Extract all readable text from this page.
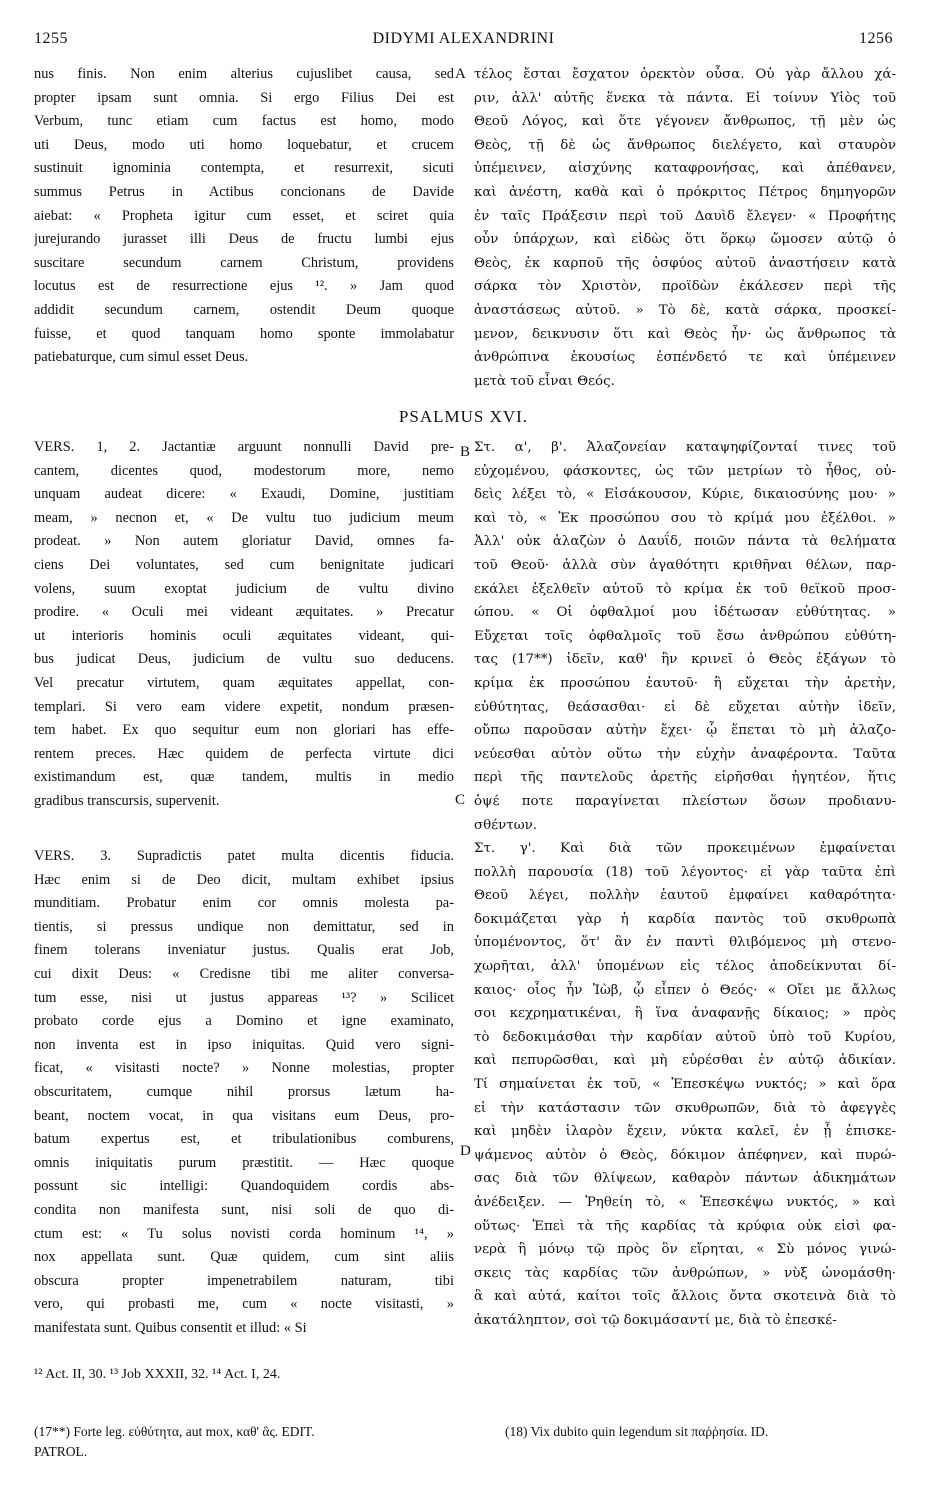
1255	DIDYMI ALEXANDRINI	1256
nus finis. Non enim alterius cujuslibet causa, sed
propter ipsam sunt omnia. Si ergo Filius Dei est
Verbum, tunc etiam cum factus est homo, modo
uti Deus, modo uti homo loquebatur, et crucem
sustinuit ignominia contempta, et resurrexit, sicuti
summus Petrus in Actibus concionans de Davide
aiebat: « Propheta igitur cum esset, et sciret quia
jurejurando jurasset illi Deus de fructu lumbi ejus
suscitare secundum carnem Christum, providens
locutus est de resurrectione ejus ¹². » Jam quod
addidit secundum carnem, ostendit Deum quoque
fuisse, et quod tanquam homo sponte immolabatur
patiebaturque, cum simul esset Deus.
τέλος ἔσται ἔσχατον ὀρεκτὸν οὖσα. Οὐ γὰρ ἄλλου χά-
ριν, ἀλλ' αὐτῆς ἕνεκα τὰ πάντα. Εἰ τοίνυν Υἱὸς τοῦ
Θεοῦ Λόγος, καὶ ὅτε γέγονεν ἄνθρωπος, τῇ μὲν ὡς
Θεὸς, τῇ δὲ ὡς ἄνθρωπος διελέγετο, καὶ σταυρὸν
ὑπέμεινεν, αἰσχύνης καταφρονήσας, καὶ ἀπέθανεν,
καὶ ἀνέστη, καθὰ καὶ ὁ πρόκριτος Πέτρος δημηγορῶν
ἐν ταῖς Πράξεσιν περὶ τοῦ Δαυὶδ ἔλεγεν· « Προφήτης
οὖν ὑπάρχων, καὶ εἰδὼς ὅτι ὅρκῳ ὤμοσεν αὐτῷ ὁ
Θεὸς, ἐκ καρποῦ τῆς ὀσφύος αὐτοῦ ἀναστήσειν κατὰ
σάρκα τὸν Χριστὸν, προϊδὼν ἐκάλεσεν περὶ τῆς
ἀναστάσεως αὐτοῦ. » Τὸ δὲ, κατὰ σάρκα, προσκεί-
μενον, δεικνυσιν ὅτι καὶ Θεὸς ἦν· ὡς ἄνθρωπος τὰ
ἀνθρώπινα ἑκουσίως ἐσπένδετό τε καὶ ὑπέμεινεν
μετὰ τοῦ εἶναι Θεός.
A
PSALMUS XVI.
B
C
D
VERS. 1, 2. Jactantiæ arguunt nonnulli David pre-
cantem, dicentes quod, modestorum more, nemo
unquam audeat dicere: « Exaudi, Domine, justitiam
meam, » necnon et, « De vultu tuo judicium meum
prodeat. » Non autem gloriatur David, omnes fa-
ciens Dei voluntates, sed cum benignitate judicari
volens, suum exoptat judicium de vultu divino
prodire. « Oculi mei videant æquitates. » Precatur
ut interioris hominis oculi æquitates videant, qui-
bus judicat Deus, judicium de vultu suo deducens.
Vel precatur virtutem, quam æquitates appellat, con-
templari. Si vero eam videre expetit, nondum præsen-
tem habet. Ex quo sequitur eum non gloriari has effe-
rentem preces. Hæc quidem de perfecta virtute dici
existimandum est, quæ tandem, multis in medio
gradibus transcursis, supervenit.
VERS. 3. Supradictis patet multa dicentis fiducia.
Hæc enim si de Deo dicit, multam exhibet ipsius
munditiam. Probatur enim cor omnis molesta pa-
tientis, si pressus undique non demittatur, sed in
finem tolerans inveniatur justus. Qualis erat Job,
cui dixit Deus: « Credisne tibi me aliter conversa-
tum esse, nisi ut justus appareas ¹³? » Scilicet
probato corde ejus a Domino et igne examinato,
non inventa est in ipso iniquitas. Quid vero signi-
ficat, « visitasti nocte? » Nonne molestias, propter
obscuritatem, cumque nihil prorsus lætum ha-
beant, noctem vocat, in qua visitans eum Deus, pro-
batum expertus est, et tribulationibus comburens,
omnis iniquitatis purum præstitit. — Hæc quoque
possunt sic intelligi: Quandoquidem cordis abs-
condita non manifesta sunt, nisi soli de quo di-
ctum est: « Tu solus novisti corda hominum ¹⁴, »
nox appellata sunt. Quæ quidem, cum sint aliis
obscura propter impenetrabilem naturam, tibi
vero, qui probasti me, cum « nocte visitasti, »
manifestata sunt. Quibus consentit et illud: « Si
Στ. α', β'. Ἀλαζονείαν καταψηφίζονταί τινες τοῦ
εὐχομένου, φάσκοντες, ὡς τῶν μετρίων τὸ ἦθος, οὐ-
δεὶς λέξει τὸ, « Εἰσάκουσον, Κύριε, δικαιοσύνης μου· »
καὶ τὸ, « Ἐκ προσώπου σου τὸ κρίμά μου ἐξέλθοι. »
Ἀλλ' οὐκ ἀλαζὼν ὁ Δαυΐδ, ποιῶν πάντα τὰ θελήματα
τοῦ Θεοῦ· ἀλλὰ σὺν ἀγαθότητι κριθῆναι θέλων, παρ-
εκάλει ἐξελθεῖν αὐτοῦ τὸ κρίμα ἐκ τοῦ θεϊκοῦ προσ-
ώπου. « Οἱ ὀφθαλμοί μου ἰδέτωσαν εὐθύτητας. »
Εὔχεται τοῖς ὀφθαλμοῖς τοῦ ἔσω ἀνθρώπου εὐθύτη-
τας (17**) ἰδεῖν, καθ' ἣν κρινεῖ ὁ Θεὸς ἐξάγων τὸ
κρίμα ἐκ προσώπου ἑαυτοῦ· ἢ εὔχεται τὴν ἀρετὴν,
εὐθύτητας, θεάσασθαι· εἰ δὲ εὔχεται αὐτὴν ἰδεῖν,
οὔπω παροῦσαν αὐτὴν ἔχει· ᾧ ἕπεται τὸ μὴ ἀλαζο-
νεύεσθαι αὐτὸν οὕτω τὴν εὐχὴν ἀναφέροντα. Ταῦτα
περὶ τῆς παντελοῦς ἀρετῆς εἰρῆσθαι ἡγητέον, ἥτις
ὀψέ ποτε παραγίνεται πλείστων ὅσων προδιανυ-
σθέντων.
Στ. γ'. Καὶ διὰ τῶν προκειμένων ἐμφαίνεται
πολλὴ παρουσία (18) τοῦ λέγοντος· εἰ γὰρ ταῦτα ἐπὶ
Θεοῦ λέγει, πολλὴν ἑαυτοῦ ἐμφαίνει καθαρότητα·
δοκιμάζεται γὰρ ἡ καρδία παντὸς τοῦ σκυθρωπὰ
ὑπομένοντος, ὅτ' ἂν ἐν παντὶ θλιβόμενος μὴ στενο-
χωρῆται, ἀλλ' ὑπομένων εἰς τέλος ἀποδείκνυται δί-
καιος· οἷος ἦν Ἰὼβ, ᾧ εἶπεν ὁ Θεός· « Οἴει με ἄλλως
σοι κεχρηματικέναι, ἢ ἵνα ἀναφανῇς δίκαιος; » πρὸς
τὸ δεδοκιμάσθαι τὴν καρδίαν αὐτοῦ ὑπὸ τοῦ Κυρίου,
καὶ πεπυρῶσθαι, καὶ μὴ εὑρέσθαι ἐν αὐτῷ ἀδικίαν.
Τί σημαίνεται ἐκ τοῦ, « Ἐπεσκέψω νυκτός; » καὶ ὅρα
εἰ τὴν κατάστασιν τῶν σκυθρωπῶν, διὰ τὸ ἀφεγγὲς
καὶ μηδὲν ἱλαρὸν ἔχειν, νύκτα καλεῖ, ἐν ᾗ ἐπισκε-
ψάμενος αὐτὸν ὁ Θεὸς, δόκιμον ἀπέφηνεν, καὶ πυρώ-
σας διὰ τῶν θλίψεων, καθαρὸν πάντων ἀδικημάτων
ἀνέδειξεν. — Ῥηθείη τὸ, « Ἐπεσκέψω νυκτός, » καὶ
οὕτως· Ἐπεὶ τὰ τῆς καρδίας τὰ κρύφια οὐκ εἰσὶ φα-
νερὰ ἢ μόνῳ τῷ πρὸς ὃν εἴρηται, « Σὺ μόνος γινώ-
σκεις τὰς καρδίας τῶν ἀνθρώπων, » νὺξ ὠνομάσθη·
ἃ καὶ αὐτά, καίτοι τοῖς ἄλλοις ὄντα σκοτεινὰ διὰ τὸ
ἀκατάληπτον, σοὶ τῷ δοκιμάσαντί με, διὰ τὸ ἐπεσκέ-
¹² Act. II, 30. ¹³ Job XXXII, 32. ¹⁴ Act. I, 24.
(17**) Forte leg. εὐθύτητα, aut mox, καθ' ἃς. EDIT.
PATROL.
(18) Vix dubito quin legendum sit παῤῥησία. ID.
